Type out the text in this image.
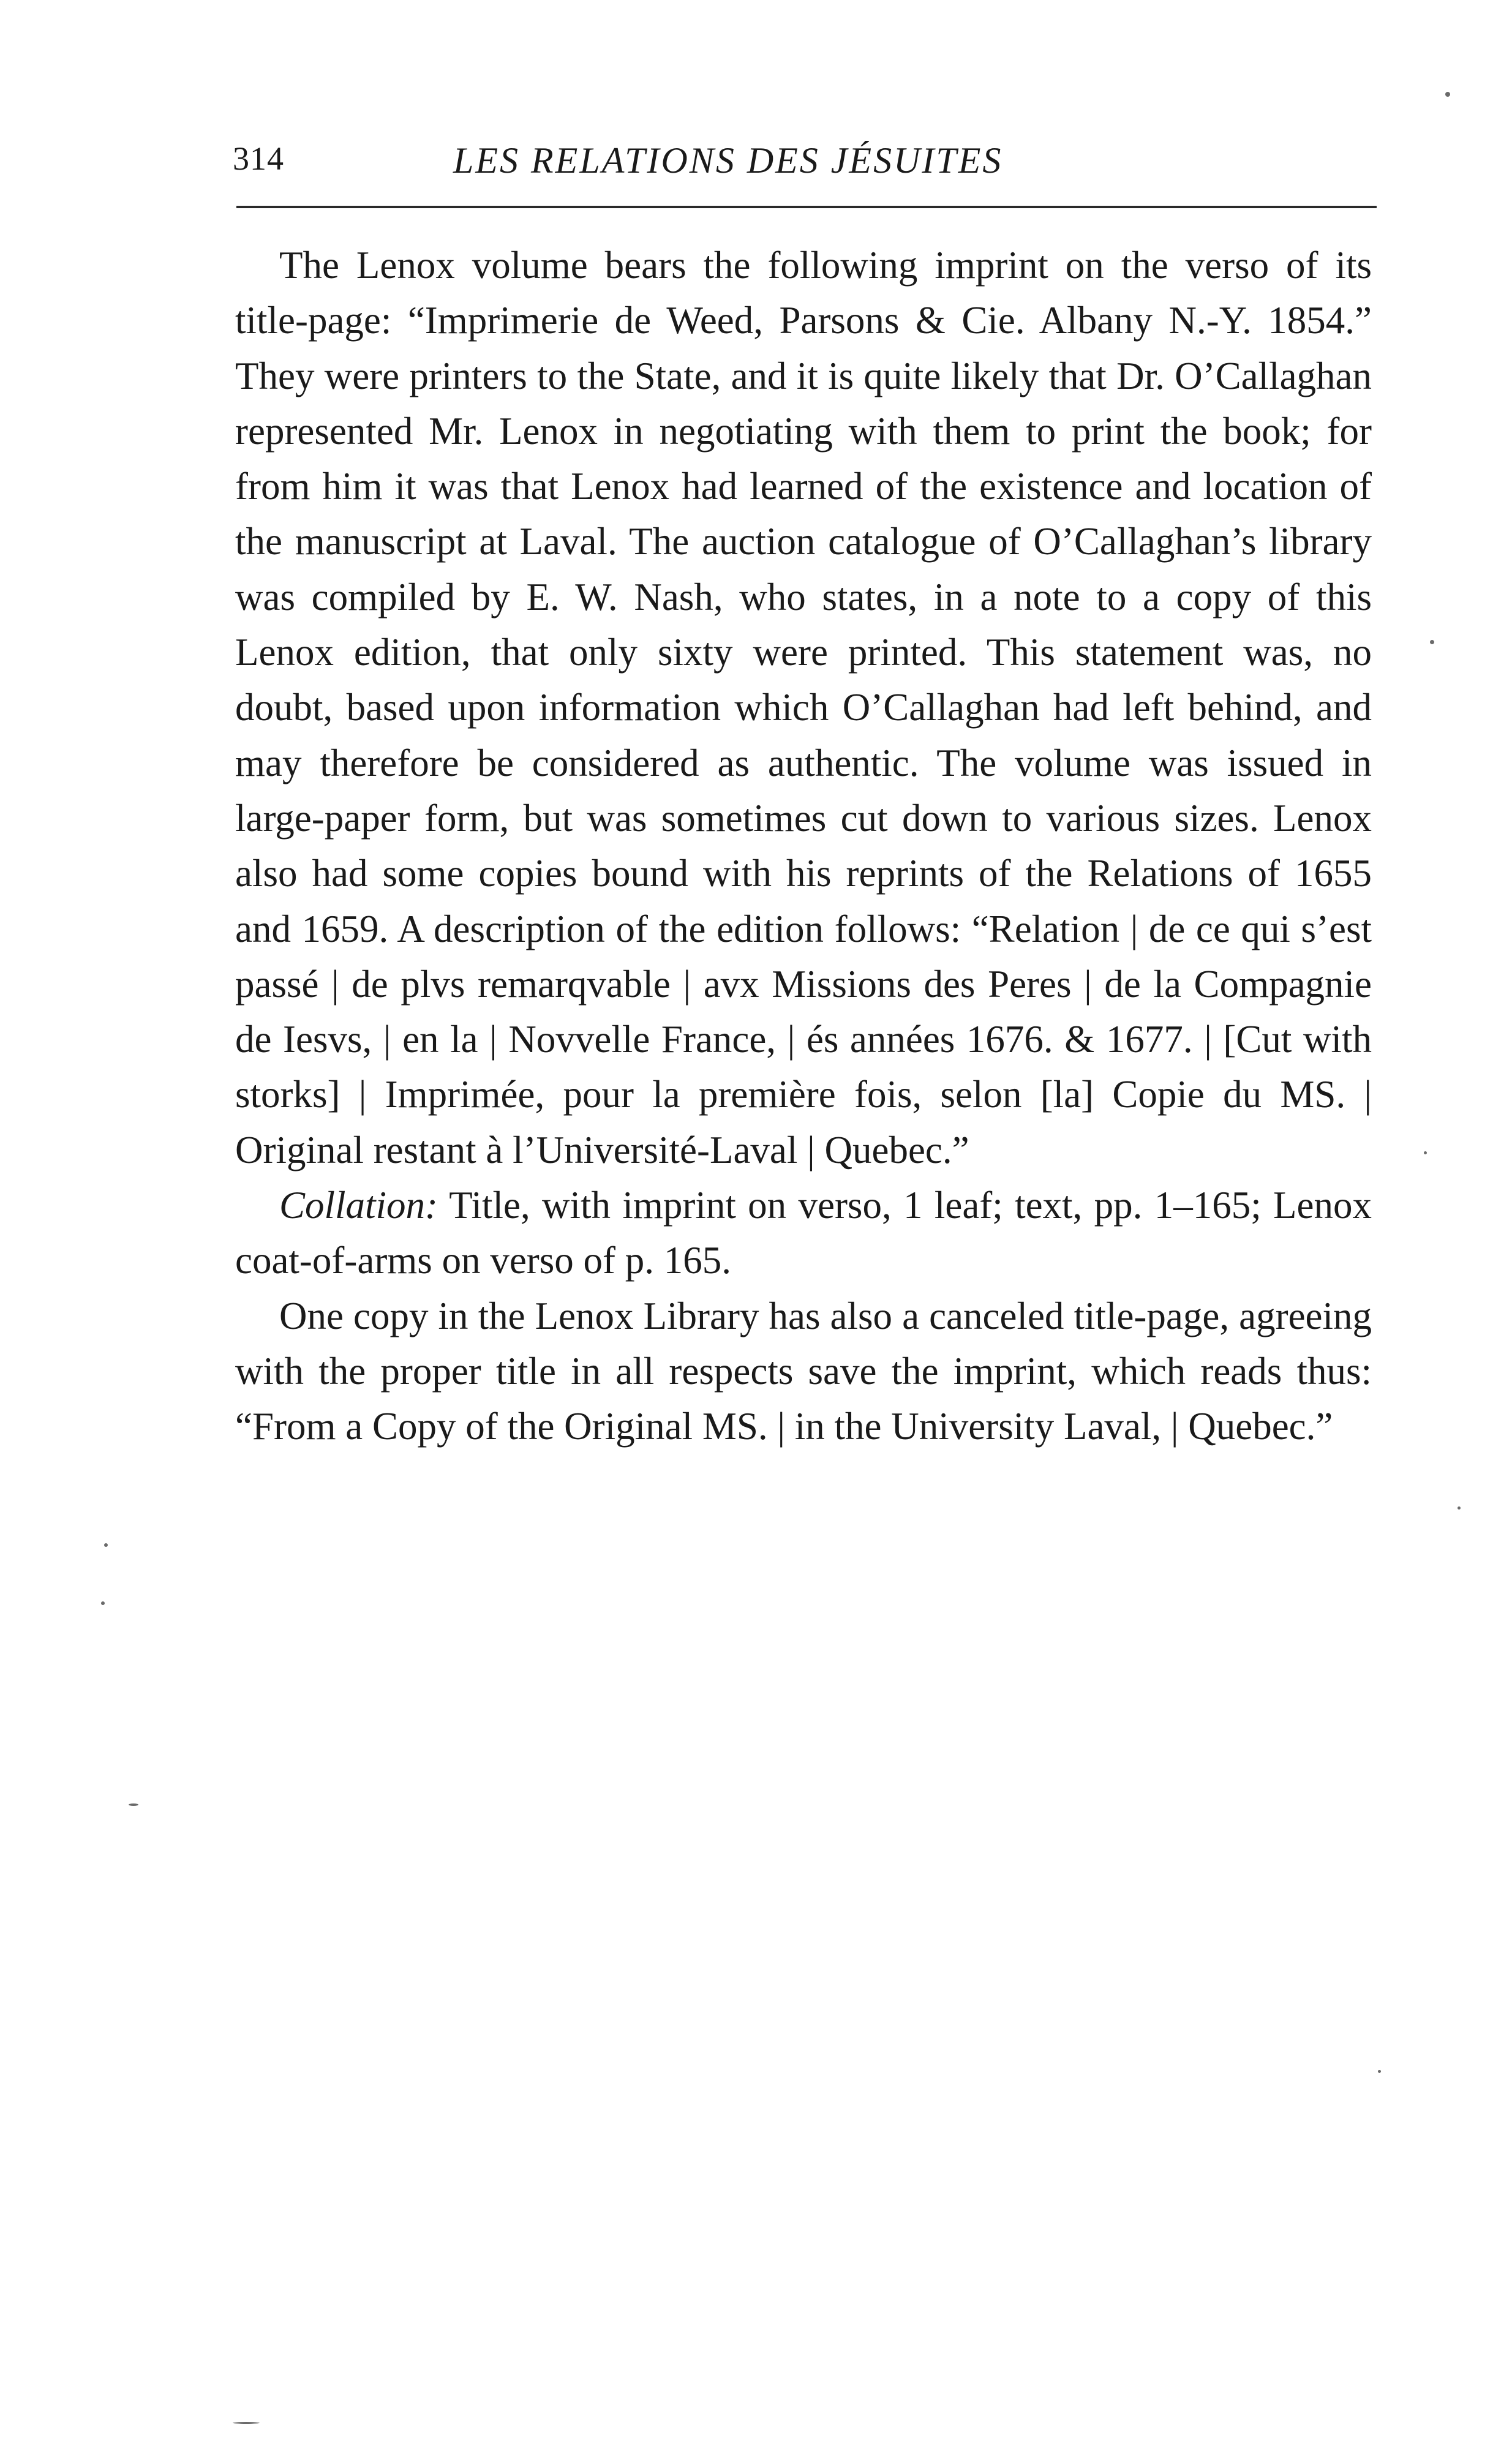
314	LES RELATIONS DES JÉSUITES

The Lenox volume bears the following imprint on the verso of its title-page: “Imprimerie de Weed, Parsons & Cie. Albany N.-Y. 1854.” They were printers to the State, and it is quite likely that Dr. O’Callaghan represented Mr. Lenox in negotiating with them to print the book; for from him it was that Lenox had learned of the existence and location of the manuscript at Laval. The auction catalogue of O’Callaghan’s library was compiled by E. W. Nash, who states, in a note to a copy of this Lenox edition, that only sixty were printed. This statement was, no doubt, based upon information which O’Callaghan had left behind, and may therefore be considered as authentic. The volume was issued in large-paper form, but was sometimes cut down to various sizes. Lenox also had some copies bound with his reprints of the Relations of 1655 and 1659. A description of the edition follows: “Relation | de ce qui s’est passé | de plvs remarqvable | avx Missions des Peres | de la Compagnie de Iesvs, | en la | Novvelle France, | és années 1676. & 1677. | [Cut with storks] | Imprimée, pour la première fois, selon [la] Copie du MS. | Original restant à l’Université-Laval | Quebec.”

Collation: Title, with imprint on verso, 1 leaf; text, pp. 1–165; Lenox coat-of-arms on verso of p. 165.

One copy in the Lenox Library has also a canceled title-page, agreeing with the proper title in all respects save the imprint, which reads thus: “From a Copy of the Original MS. | in the University Laval, | Quebec.”
